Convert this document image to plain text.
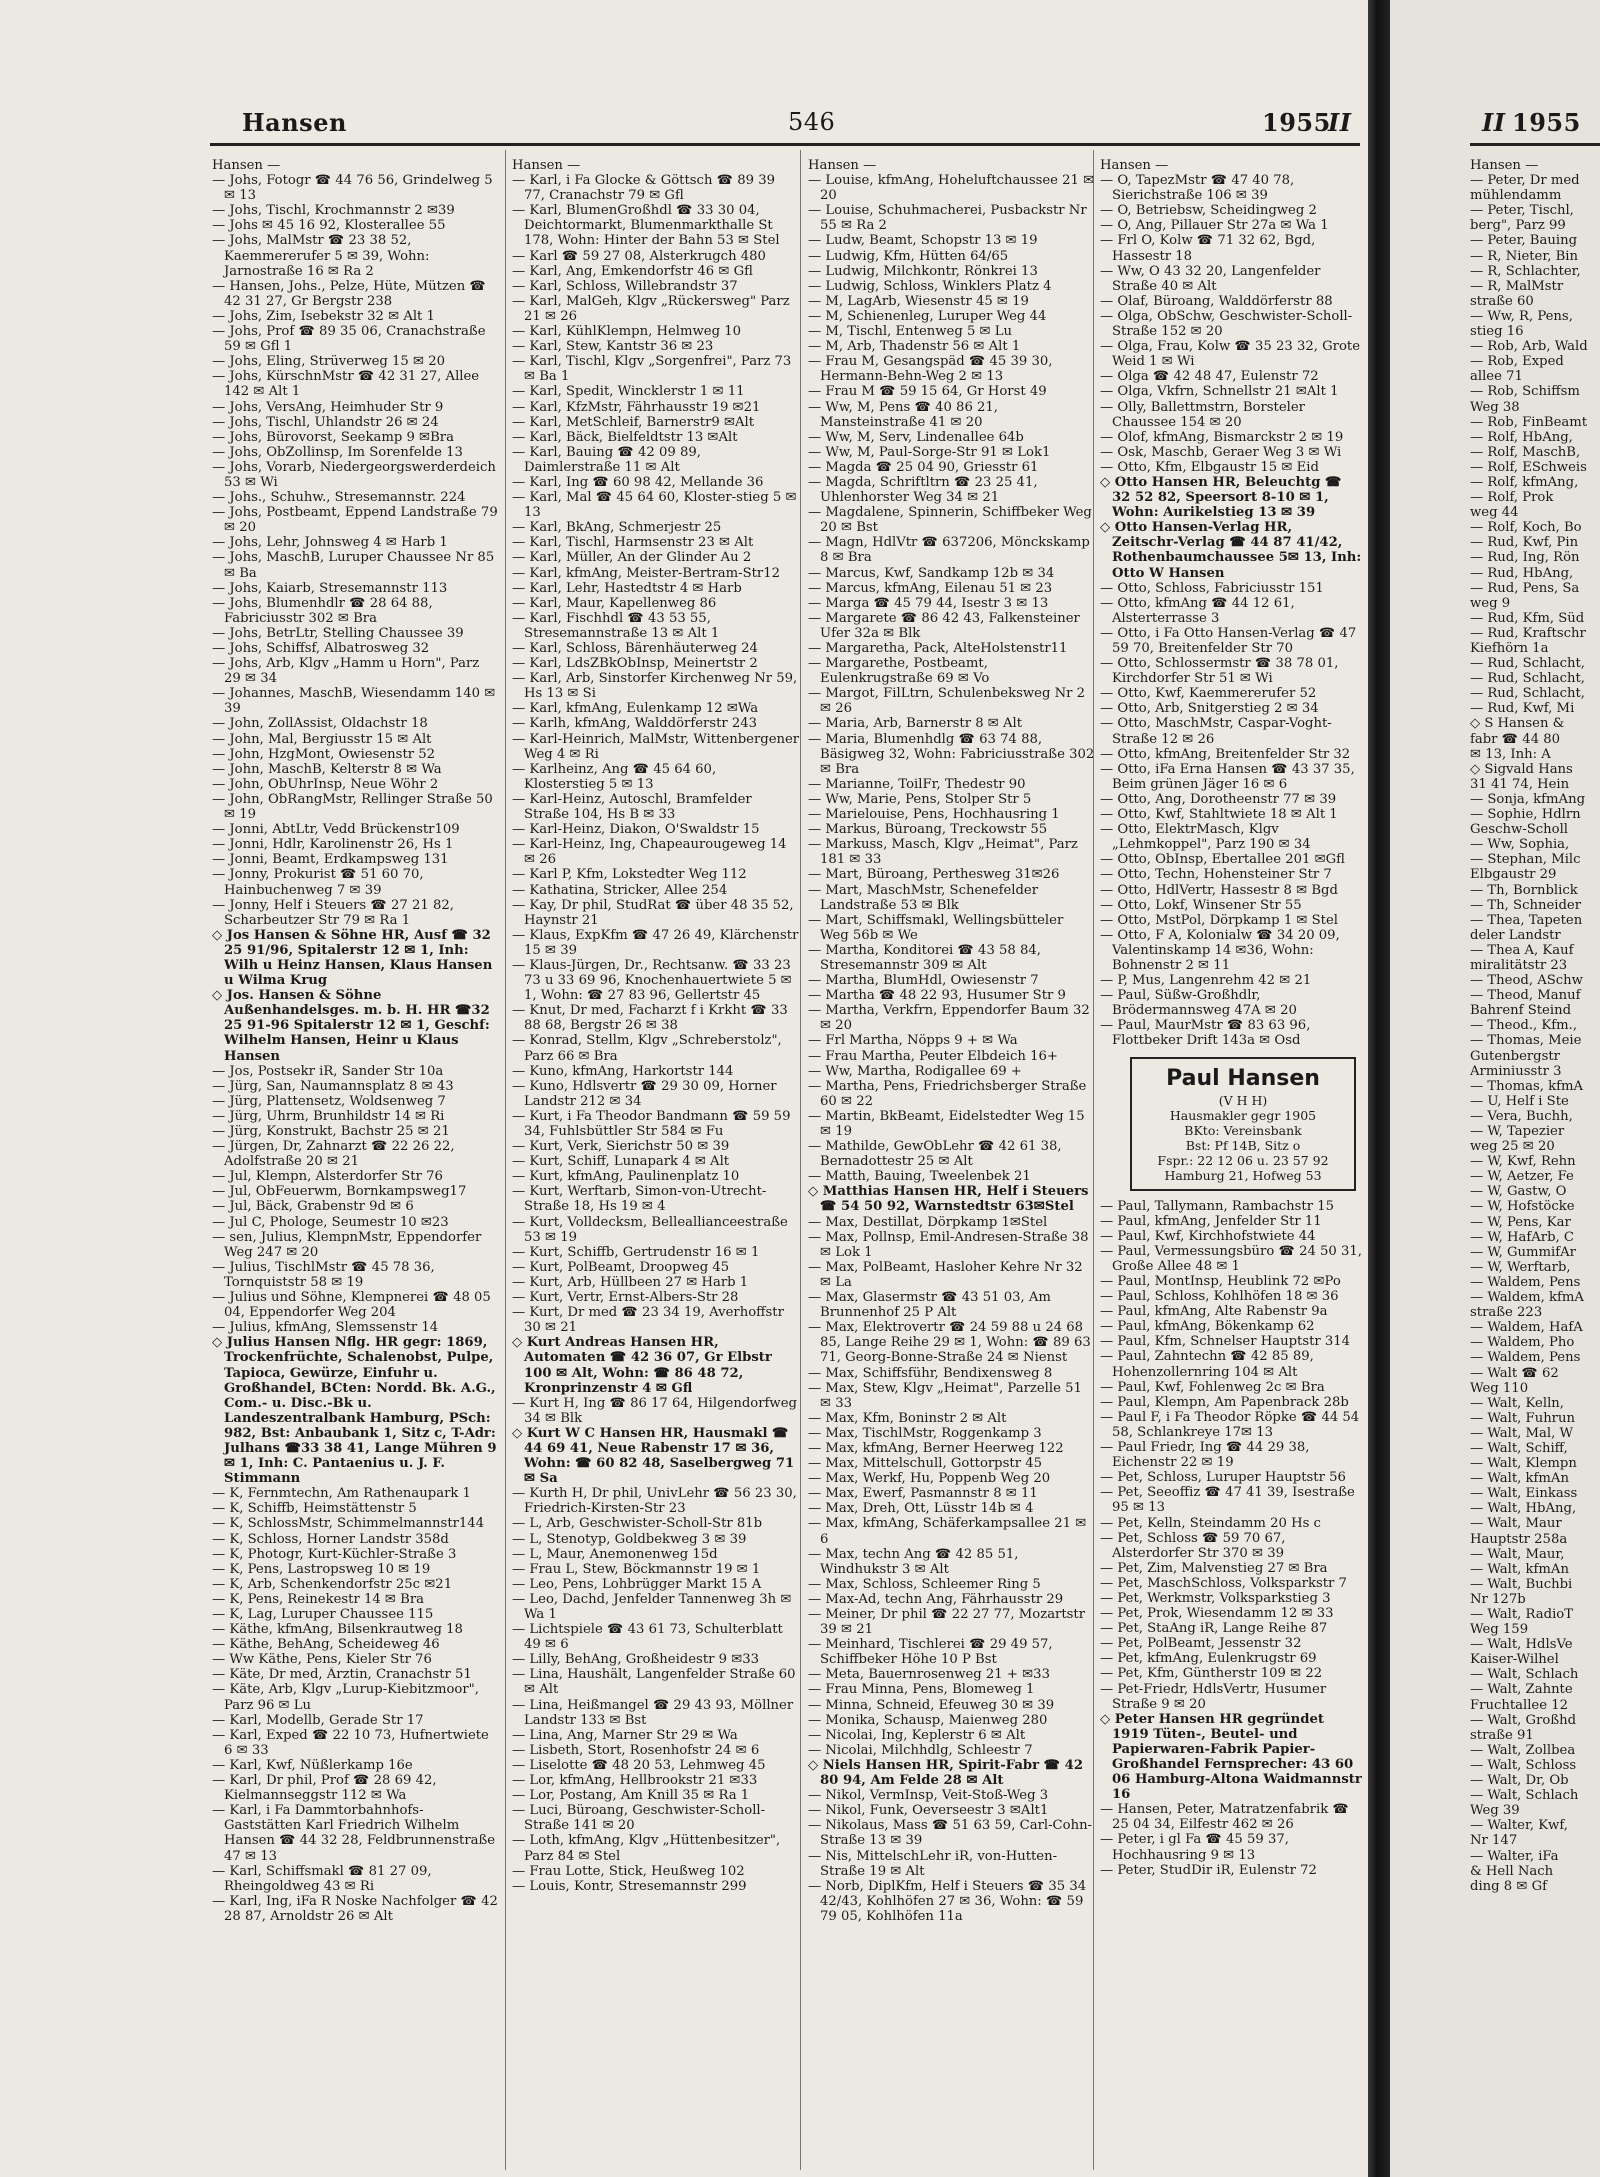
Hansen	546	1955
II
Hansen —
— Johs, Fotogr ☎ 44 76 56, Grindelweg 5 ✉ 13
— Johs, Tischl, Krochmannstr 2 ✉39
— Johs ✉ 45 16 92, Klosterallee 55
— Johs, MalMstr ☎ 23 38 52, Kaemmererufer 5 ✉ 39, Wohn: Jarnostraße 16 ✉ Ra 2
— Hansen, Johs., Pelze, Hüte, Mützen ☎ 42 31 27, Gr Bergstr 238
— Johs, Zim, Isebekstr 32 ✉ Alt 1
— Johs, Prof ☎ 89 35 06, Cranachstraße 59 ✉ Gfl 1
— Johs, Eling, Strüverweg 15 ✉ 20
— Johs, KürschnMstr ☎ 42 31 27, Allee 142 ✉ Alt 1
— Johs, VersAng, Heimhuder Str 9
— Johs, Tischl, Uhlandstr 26 ✉ 24
— Johs, Bürovorst, Seekamp 9 ✉Bra
— Johs, ObZollinsp, Im Sorenfelde 13
— Johs, Vorarb, Niedergeorgswerderdeich 53 ✉ Wi
— Johs., Schuhw., Stresemannstr. 224
— Johs, Postbeamt, Eppend Landstraße 79 ✉ 20
— Johs, Lehr, Johnsweg 4 ✉ Harb 1
— Johs, MaschB, Luruper Chaussee Nr 85 ✉ Ba
— Johs, Kaiarb, Stresemannstr 113
— Johs, Blumenhdlr ☎ 28 64 88, Fabriciusstr 302 ✉ Bra
— Johs, BetrLtr, Stelling Chaussee 39
— Johs, Schiffsf, Albatrosweg 32
— Johs, Arb, Klgv „Hamm u Horn", Parz 29 ✉ 34
— Johannes, MaschB, Wiesendamm 140 ✉ 39
— John, ZollAssist, Oldachstr 18
— John, Mal, Bergiusstr 15 ✉ Alt
— John, HzgMont, Owiesenstr 52
— John, MaschB, Kelterstr 8 ✉ Wa
— John, ObUhrInsp, Neue Wöhr 2
— John, ObRangMstr, Rellinger Straße 50 ✉ 19
— Jonni, AbtLtr, Vedd Brückenstr109
— Jonni, Hdlr, Karolinenstr 26, Hs 1
— Jonni, Beamt, Erdkampsweg 131
— Jonny, Prokurist ☎ 51 60 70, Hainbuchenweg 7 ✉ 39
— Jonny, Helf i Steuers ☎ 27 21 82, Scharbeutzer Str 79 ✉ Ra 1
◇ Jos Hansen & Söhne HR, Ausf ☎ 32 25 91/96, Spitalerstr 12 ✉ 1, Inh: Wilh u Heinz Hansen, Klaus Hansen u Wilma Krug
◇ Jos. Hansen & Söhne Außenhandelsges. m. b. H. HR ☎32 25 91-96 Spitalerstr 12 ✉ 1, Geschf: Wilhelm Hansen, Heinr u Klaus Hansen
— Jos, Postsekr iR, Sander Str 10a
— Jürg, San, Naumannsplatz 8 ✉ 43
— Jürg, Plattensetz, Woldsenweg 7
— Jürg, Uhrm, Brunhildstr 14 ✉ Ri
— Jürg, Konstrukt, Bachstr 25 ✉ 21
— Jürgen, Dr, Zahnarzt ☎ 22 26 22, Adolfstraße 20 ✉ 21
— Jul, Klempn, Alsterdorfer Str 76
— Jul, ObFeuerwm, Bornkampsweg17
— Jul, Bäck, Grabenstr 9d ✉ 6
— Jul C, Phologe, Seumestr 10 ✉23
— sen, Julius, KlempnMstr, Eppendorfer Weg 247 ✉ 20
— Julius, TischlMstr ☎ 45 78 36, Tornquiststr 58 ✉ 19
— Julius und Söhne, Klempnerei ☎ 48 05 04, Eppendorfer Weg 204
— Julius, kfmAng, Slemssenstr 14
◇ Julius Hansen Nflg. HR gegr: 1869, Trockenfrüchte, Schalenobst, Pulpe, Tapioca, Gewürze, Einfuhr u. Großhandel, BCten: Nordd. Bk. A.G., Com.- u. Disc.-Bk u. Landeszentralbank Hamburg, PSch: 982, Bst: Anbaubank 1, Sitz c, T-Adr: Julhans ☎33 38 41, Lange Mühren 9 ✉ 1, Inh: C. Pantaenius u. J. F. Stimmann
— K, Fernmtechn, Am Rathenaupark 1
— K, Schiffb, Heimstättenstr 5
— K, SchlossMstr, Schimmelmannstr144
— K, Schloss, Horner Landstr 358d
— K, Photogr, Kurt-Küchler-Straße 3
— K, Pens, Lastropsweg 10 ✉ 19
— K, Arb, Schenkendorfstr 25c ✉21
— K, Pens, Reinekestr 14 ✉ Bra
— K, Lag, Luruper Chaussee 115
— Käthe, kfmAng, Bilsenkrautweg 18
— Käthe, BehAng, Scheideweg 46
— Ww Käthe, Pens, Kieler Str 76
— Käte, Dr med, Ärztin, Cranachstr 51
— Käte, Arb, Klgv „Lurup-Kiebitzmoor", Parz 96 ✉ Lu
— Karl, Modellb, Gerade Str 17
— Karl, Exped ☎ 22 10 73, Hufnertwiete 6 ✉ 33
— Karl, Kwf, Nüßlerkamp 16e
— Karl, Dr phil, Prof ☎ 28 69 42, Kielmannseggstr 112 ✉ Wa
— Karl, i Fa Dammtorbahnhofs-Gaststätten Karl Friedrich Wilhelm Hansen ☎ 44 32 28, Feldbrunnenstraße 47 ✉ 13
— Karl, Schiffsmakl ☎ 81 27 09, Rheingoldweg 43 ✉ Ri
— Karl, Ing, iFa R Noske Nachfolger ☎ 42 28 87, Arnoldstr 26 ✉ Alt
Hansen —
— Karl, i Fa Glocke & Göttsch ☎ 89 39 77, Cranachstr 79 ✉ Gfl
— Karl, BlumenGroßhdl ☎ 33 30 04, Deichtormarkt, Blumenmarkthalle St 178, Wohn: Hinter der Bahn 53 ✉ Stel
— Karl ☎ 59 27 08, Alsterkrugch 480
— Karl, Ang, Emkendorfstr 46 ✉ Gfl
— Karl, Schloss, Willebrandstr 37
— Karl, MalGeh, Klgv „Rückersweg" Parz 21 ✉ 26
— Karl, KühlKlempn, Helmweg 10
— Karl, Stew, Kantstr 36 ✉ 23
— Karl, Tischl, Klgv „Sorgenfrei", Parz 73 ✉ Ba 1
— Karl, Spedit, Wincklerstr 1 ✉ 11
— Karl, KfzMstr, Fährhausstr 19 ✉21
— Karl, MetSchleif, Barnerstr9 ✉Alt
— Karl, Bäck, Bielfeldtstr 13 ✉Alt
— Karl, Bauing ☎ 42 09 89, Daimlerstraße 11 ✉ Alt
— Karl, Ing ☎ 60 98 42, Mellande 36
— Karl, Mal ☎ 45 64 60, Kloster-stieg 5 ✉ 13
— Karl, BkAng, Schmerjestr 25
— Karl, Tischl, Harmsenstr 23 ✉ Alt
— Karl, Müller, An der Glinder Au 2
— Karl, kfmAng, Meister-Bertram-Str12
— Karl, Lehr, Hastedtstr 4 ✉ Harb
— Karl, Maur, Kapellenweg 86
— Karl, Fischhdl ☎ 43 53 55, Stresemannstraße 13 ✉ Alt 1
— Karl, Schloss, Bärenhäuterweg 24
— Karl, LdsZBkObInsp, Meinertstr 2
— Karl, Arb, Sinstorfer Kirchenweg Nr 59, Hs 13 ✉ Si
— Karl, kfmAng, Eulenkamp 12 ✉Wa
— Karlh, kfmAng, Walddörferstr 243
— Karl-Heinrich, MalMstr, Wittenbergener Weg 4 ✉ Ri
— Karlheinz, Ang ☎ 45 64 60, Klosterstieg 5 ✉ 13
— Karl-Heinz, Autoschl, Bramfelder Straße 104, Hs B ✉ 33
— Karl-Heinz, Diakon, O'Swaldstr 15
— Karl-Heinz, Ing, Chapeaurougeweg 14 ✉ 26
— Karl P, Kfm, Lokstedter Weg 112
— Kathatina, Stricker, Allee 254
— Kay, Dr phil, StudRat ☎ über 48 35 52, Haynstr 21
— Klaus, ExpKfm ☎ 47 26 49, Klärchenstr 15 ✉ 39
— Klaus-Jürgen, Dr., Rechtsanw. ☎ 33 23 73 u 33 69 96, Knochenhauertwiete 5 ✉ 1, Wohn: ☎ 27 83 96, Gellertstr 45
— Knut, Dr med, Facharzt f i Krkht ☎ 33 88 68, Bergstr 26 ✉ 38
— Konrad, Stellm, Klgv „Schreberstolz", Parz 66 ✉ Bra
— Kuno, kfmAng, Harkortstr 144
— Kuno, Hdlsvertr ☎ 29 30 09, Horner Landstr 212 ✉ 34
— Kurt, i Fa Theodor Bandmann ☎ 59 59 34, Fuhlsbüttler Str 584 ✉ Fu
— Kurt, Verk, Sierichstr 50 ✉ 39
— Kurt, Schiff, Lunapark 4 ✉ Alt
— Kurt, kfmAng, Paulinenplatz 10
— Kurt, Werftarb, Simon-von-Utrecht-Straße 18, Hs 19 ✉ 4
— Kurt, Volldecksm, Belleallianceestraße 53 ✉ 19
— Kurt, Schiffb, Gertrudenstr 16 ✉ 1
— Kurt, PolBeamt, Droopweg 45
— Kurt, Arb, Hüllbeen 27 ✉ Harb 1
— Kurt, Vertr, Ernst-Albers-Str 28
— Kurt, Dr med ☎ 23 34 19, Averhoffstr 30 ✉ 21
◇ Kurt Andreas Hansen HR, Automaten ☎ 42 36 07, Gr Elbstr 100 ✉ Alt, Wohn: ☎ 86 48 72, Kronprinzenstr 4 ✉ Gfl
— Kurt H, Ing ☎ 86 17 64, Hilgendorfweg 34 ✉ Blk
◇ Kurt W C Hansen HR, Hausmakl ☎ 44 69 41, Neue Rabenstr 17 ✉ 36, Wohn: ☎ 60 82 48, Saselbergweg 71 ✉ Sa
— Kurth H, Dr phil, UnivLehr ☎ 56 23 30, Friedrich-Kirsten-Str 23
— L, Arb, Geschwister-Scholl-Str 81b
— L, Stenotyp, Goldbekweg 3 ✉ 39
— L, Maur, Anemonenweg 15d
— Frau L, Stew, Böckmannstr 19 ✉ 1
— Leo, Pens, Lohbrügger Markt 15 A
— Leo, Dachd, Jenfelder Tannenweg 3h ✉ Wa 1
— Lichtspiele ☎ 43 61 73, Schulterblatt 49 ✉ 6
— Lilly, BehAng, Großheidestr 9 ✉33
— Lina, Haushält, Langenfelder Straße 60 ✉ Alt
— Lina, Heißmangel ☎ 29 43 93, Möllner Landstr 133 ✉ Bst
— Lina, Ang, Marner Str 29 ✉ Wa
— Lisbeth, Stort, Rosenhofstr 24 ✉ 6
— Liselotte ☎ 48 20 53, Lehmweg 45
— Lor, kfmAng, Hellbrookstr 21 ✉33
— Lor, Postang, Am Knill 35 ✉ Ra 1
— Luci, Büroang, Geschwister-Scholl-Straße 141 ✉ 20
— Loth, kfmAng, Klgv „Hüttenbesitzer", Parz 84 ✉ Stel
— Frau Lotte, Stick, Heußweg 102
— Louis, Kontr, Stresemannstr 299
Hansen —
— Louise, kfmAng, Hoheluftchaussee 21 ✉ 20
— Louise, Schuhmacherei, Pusbackstr Nr 55 ✉ Ra 2
— Ludw, Beamt, Schopstr 13 ✉ 19
— Ludwig, Kfm, Hütten 64/65
— Ludwig, Milchkontr, Rönkrei 13
— Ludwig, Schloss, Winklers Platz 4
— M, LagArb, Wiesenstr 45 ✉ 19
— M, Schienenleg, Luruper Weg 44
— M, Tischl, Entenweg 5 ✉ Lu
— M, Arb, Thadenstr 56 ✉ Alt 1
— Frau M, Gesangspäd ☎ 45 39 30, Hermann-Behn-Weg 2 ✉ 13
— Frau M ☎ 59 15 64, Gr Horst 49
— Ww, M, Pens ☎ 40 86 21, Mansteinstraße 41 ✉ 20
— Ww, M, Serv, Lindenallee 64b
— Ww, M, Paul-Sorge-Str 91 ✉ Lok1
— Magda ☎ 25 04 90, Griesstr 61
— Magda, Schriftltrn ☎ 23 25 41, Uhlenhorster Weg 34 ✉ 21
— Magdalene, Spinnerin, Schiffbeker Weg 20 ✉ Bst
— Magn, HdlVtr ☎ 637206, Mönckskamp 8 ✉ Bra
— Marcus, Kwf, Sandkamp 12b ✉ 34
— Marcus, kfmAng, Eilenau 51 ✉ 23
— Marga ☎ 45 79 44, Isestr 3 ✉ 13
— Margarete ☎ 86 42 43, Falkensteiner Ufer 32a ✉ Blk
— Margaretha, Pack, AlteHolstenstr11
— Margarethe, Postbeamt, Eulenkrugstraße 69 ✉ Vo
— Margot, FilLtrn, Schulenbeksweg Nr 2 ✉ 26
— Maria, Arb, Barnerstr 8 ✉ Alt
— Maria, Blumenhdlg ☎ 63 74 88, Bäsigweg 32, Wohn: Fabriciusstraße 302 ✉ Bra
— Marianne, ToilFr, Thedestr 90
— Ww, Marie, Pens, Stolper Str 5
— Marielouise, Pens, Hochhausring 1
— Markus, Büroang, Treckowstr 55
— Markuss, Masch, Klgv „Heimat", Parz 181 ✉ 33
— Mart, Büroang, Perthesweg 31✉26
— Mart, MaschMstr, Schenefelder Landstraße 53 ✉ Blk
— Mart, Schiffsmakl, Wellingsbütteler Weg 56b ✉ We
— Martha, Konditorei ☎ 43 58 84, Stresemannstr 309 ✉ Alt
— Martha, BlumHdl, Owiesenstr 7
— Martha ☎ 48 22 93, Husumer Str 9
— Martha, Verkfrn, Eppendorfer Baum 32 ✉ 20
— Frl Martha, Nöpps 9 + ✉ Wa
— Frau Martha, Peuter Elbdeich 16+
— Ww, Martha, Rodigallee 69 +
— Martha, Pens, Friedrichsberger Straße 60 ✉ 22
— Martin, BkBeamt, Eidelstedter Weg 15 ✉ 19
— Mathilde, GewObLehr ☎ 42 61 38, Bernadottestr 25 ✉ Alt
— Matth, Bauing, Tweelenbek 21
◇ Matthias Hansen HR, Helf i Steuers ☎ 54 50 92, Warnstedtstr 63✉Stel
— Max, Destillat, Dörpkamp 1✉Stel
— Max, Pollnsp, Emil-Andresen-Straße 38 ✉ Lok 1
— Max, PolBeamt, Hasloher Kehre Nr 32 ✉ La
— Max, Glasermstr ☎ 43 51 03, Am Brunnenhof 25 P Alt
— Max, Elektrovertr ☎ 24 59 88 u 24 68 85, Lange Reihe 29 ✉ 1, Wohn: ☎ 89 63 71, Georg-Bonne-Straße 24 ✉ Nienst
— Max, Schiffsführ, Bendixensweg 8
— Max, Stew, Klgv „Heimat", Parzelle 51 ✉ 33
— Max, Kfm, Boninstr 2 ✉ Alt
— Max, TischlMstr, Roggenkamp 3
— Max, kfmAng, Berner Heerweg 122
— Max, Mittelschull, Gottorpstr 45
— Max, Werkf, Hu, Poppenb Weg 20
— Max, Ewerf, Pasmannstr 8 ✉ 11
— Max, Dreh, Ott, Lüsstr 14b ✉ 4
— Max, kfmAng, Schäferkampsallee 21 ✉ 6
— Max, techn Ang ☎ 42 85 51, Windhukstr 3 ✉ Alt
— Max, Schloss, Schleemer Ring 5
— Max-Ad, techn Ang, Fährhausstr 29
— Meiner, Dr phil ☎ 22 27 77, Mozartstr 39 ✉ 21
— Meinhard, Tischlerei ☎ 29 49 57, Schiffbeker Höhe 10 P Bst
— Meta, Bauernrosenweg 21 + ✉33
— Frau Minna, Pens, Blomeweg 1
— Minna, Schneid, Efeuweg 30 ✉ 39
— Monika, Schausp, Maienweg 280
— Nicolai, Ing, Keplerstr 6 ✉ Alt
— Nicolai, Milchhdlg, Schleestr 7
◇ Niels Hansen HR, Spirit-Fabr ☎ 42 80 94, Am Felde 28 ✉ Alt
— Nikol, VermInsp, Veit-Stoß-Weg 3
— Nikol, Funk, Oeverseestr 3 ✉Alt1
— Nikolaus, Mass ☎ 51 63 59, Carl-Cohn-Straße 13 ✉ 39
— Nis, MittelschLehr iR, von-Hutten-Straße 19 ✉ Alt
— Norb, DiplKfm, Helf i Steuers ☎ 35 34 42/43, Kohlhöfen 27 ✉ 36, Wohn: ☎ 59 79 05, Kohlhöfen 11a
Hansen —
— O, TapezMstr ☎ 47 40 78, Sierichstraße 106 ✉ 39
— O, Betriebsw, Scheidingweg 2
— O, Ang, Pillauer Str 27a ✉ Wa 1
— Frl O, Kolw ☎ 71 32 62, Bgd, Hassestr 18
— Ww, O 43 32 20, Langenfelder Straße 40 ✉ Alt
— Olaf, Büroang, Walddörferstr 88
— Olga, ObSchw, Geschwister-Scholl-Straße 152 ✉ 20
— Olga, Frau, Kolw ☎ 35 23 32, Grote Weid 1 ✉ Wi
— Olga ☎ 42 48 47, Eulenstr 72
— Olga, Vkfrn, Schnellstr 21 ✉Alt 1
— Olly, Ballettmstrn, Borsteler Chaussee 154 ✉ 20
— Olof, kfmAng, Bismarckstr 2 ✉ 19
— Osk, Maschb, Geraer Weg 3 ✉ Wi
— Otto, Kfm, Elbgaustr 15 ✉ Eid
◇ Otto Hansen HR, Beleuchtg ☎ 32 52 82, Speersort 8-10 ✉ 1, Wohn: Aurikelstieg 13 ✉ 39
◇ Otto Hansen-Verlag HR, Zeitschr-Verlag ☎ 44 87 41/42, Rothenbaumchaussee 5✉ 13, Inh: Otto W Hansen
— Otto, Schloss, Fabriciusstr 151
— Otto, kfmAng ☎ 44 12 61, Alsterterrasse 3
— Otto, i Fa Otto Hansen-Verlag ☎ 47 59 70, Breitenfelder Str 70
— Otto, Schlossermstr ☎ 38 78 01, Kirchdorfer Str 51 ✉ Wi
— Otto, Kwf, Kaemmererufer 52
— Otto, Arb, Snitgerstieg 2 ✉ 34
— Otto, MaschMstr, Caspar-Voght-Straße 12 ✉ 26
— Otto, kfmAng, Breitenfelder Str 32
— Otto, iFa Erna Hansen ☎ 43 37 35, Beim grünen Jäger 16 ✉ 6
— Otto, Ang, Dorotheenstr 77 ✉ 39
— Otto, Kwf, Stahltwiete 18 ✉ Alt 1
— Otto, ElektrMasch, Klgv „Lehmkoppel", Parz 190 ✉ 34
— Otto, ObInsp, Ebertallee 201 ✉Gfl
— Otto, Techn, Hohensteiner Str 7
— Otto, HdlVertr, Hassestr 8 ✉ Bgd
— Otto, Lokf, Winsener Str 55
— Otto, MstPol, Dörpkamp 1 ✉ Stel
— Otto, F A, Kolonialw ☎ 34 20 09, Valentinskamp 14 ✉36, Wohn: Bohnenstr 2 ✉ 11
— P, Mus, Langenrehm 42 ✉ 21
— Paul, Süßw-Großhdlr, Brödermannsweg 47A ✉ 20
— Paul, MaurMstr ☎ 83 63 96, Flottbeker Drift 143a ✉ Osd
Paul Hansen
(V H H)
Hausmakler gegr 1905
BKto: Vereinsbank
Bst: Pf 14B, Sitz o
Fspr.: 22 12 06 u. 23 57 92
Hamburg 21, Hofweg 53
— Paul, Tallymann, Rambachstr 15
— Paul, kfmAng, Jenfelder Str 11
— Paul, Kwf, Kirchhofstwiete 44
— Paul, Vermessungsbüro ☎ 24 50 31, Große Allee 48 ✉ 1
— Paul, MontInsp, Heublink 72 ✉Po
— Paul, Schloss, Kohlhöfen 18 ✉ 36
— Paul, kfmAng, Alte Rabenstr 9a
— Paul, kfmAng, Bökenkamp 62
— Paul, Kfm, Schnelser Hauptstr 314
— Paul, Zahntechn ☎ 42 85 89, Hohenzollernring 104 ✉ Alt
— Paul, Kwf, Fohlenweg 2c ✉ Bra
— Paul, Klempn, Am Papenbrack 28b
— Paul F, i Fa Theodor Röpke ☎ 44 54 58, Schlankreye 17✉ 13
— Paul Friedr, Ing ☎ 44 29 38, Eichenstr 22 ✉ 19
— Pet, Schloss, Luruper Hauptstr 56
— Pet, Seeoffiz ☎ 47 41 39, Isestraße 95 ✉ 13
— Pet, Kelln, Steindamm 20 Hs c
— Pet, Schloss ☎ 59 70 67, Alsterdorfer Str 370 ✉ 39
— Pet, Zim, Malvenstieg 27 ✉ Bra
— Pet, MaschSchloss, Volksparkstr 7
— Pet, Werkmstr, Volksparkstieg 3
— Pet, Prok, Wiesendamm 12 ✉ 33
— Pet, StaAng iR, Lange Reihe 87
— Pet, PolBeamt, Jessenstr 32
— Pet, kfmAng, Eulenkrugstr 69
— Pet, Kfm, Güntherstr 109 ✉ 22
— Pet-Friedr, HdlsVertr, Husumer Straße 9 ✉ 20
◇ Peter Hansen HR gegründet 1919 Tüten-, Beutel- und Papierwaren-Fabrik Papier-Großhandel Fernsprecher: 43 60 06 Hamburg-Altona Waidmannstr 16
— Hansen, Peter, Matratzenfabrik ☎ 25 04 34, Eilfestr 462 ✉ 26
— Peter, i gl Fa ☎ 45 59 37, Hochhausring 9 ✉ 13
— Peter, StudDir iR, Eulenstr 72
II 1955
Hansen —
— Peter, Dr med
mühlendamm
— Peter, Tischl,
berg", Parz 99
— Peter, Bauing
— R, Nieter, Bin
— R, Schlachter,
— R, MalMstr
straße 60
— Ww, R, Pens,
stieg 16
— Rob, Arb, Wald
— Rob, Exped
allee 71
— Rob, Schiffsm
Weg 38
— Rob, FinBeamt
— Rolf, HbAng,
— Rolf, MaschB,
— Rolf, ESchweis
— Rolf, kfmAng,
— Rolf, Prok
weg 44
— Rolf, Koch, Bo
— Rud, Kwf, Pin
— Rud, Ing, Rön
— Rud, HbAng,
— Rud, Pens, Sa
weg 9
— Rud, Kfm, Süd
— Rud, Kraftschr
Kiefhörn 1a
— Rud, Schlacht,
— Rud, Schlacht,
— Rud, Schlacht,
— Rud, Kwf, Mi
◇ S Hansen &
fabr ☎ 44 80
✉ 13, Inh: A
◇ Sigvald Hans
31 41 74, Hein
— Sonja, kfmAng
— Sophie, Hdlrn
Geschw-Scholl
— Ww, Sophia,
— Stephan, Milc
Elbgaustr 29
— Th, Bornblick
— Th, Schneider
— Thea, Tapeten
deler Landstr
— Thea A, Kauf
miralitätstr 23
— Theod, ASchw
— Theod, Manuf
Bahrenf Steind
— Theod., Kfm.,
— Thomas, Meie
Gutenbergstr
Arminiusstr 3
— Thomas, kfmA
— U, Helf i Ste
— Vera, Buchh,
— W, Tapezier
weg 25 ✉ 20
— W, Kwf, Rehn
— W, Aetzer, Fe
— W, Gastw, O
— W, Hofstöcke
— W, Pens, Kar
— W, HafArb, C
— W, GummifAr
— W, Werftarb,
— Waldem, Pens
— Waldem, kfmA
straße 223
— Waldem, HafA
— Waldem, Pho
— Waldem, Pens
— Walt ☎ 62
Weg 110
— Walt, Kelln,
— Walt, Fuhrun
— Walt, Mal, W
— Walt, Schiff,
— Walt, Klempn
— Walt, kfmAn
— Walt, Einkass
— Walt, HbAng,
— Walt, Maur
Hauptstr 258a
— Walt, Maur,
— Walt, kfmAn
— Walt, Buchbi
Nr 127b
— Walt, RadioT
Weg 159
— Walt, HdlsVe
Kaiser-Wilhel
— Walt, Schlach
— Walt, Zahnte
Fruchtallee 12
— Walt, Großhd
straße 91
— Walt, Zollbea
— Walt, Schloss
— Walt, Dr, Ob
— Walt, Schlach
Weg 39
— Walter, Kwf,
Nr 147
— Walter, iFa
& Hell Nach
ding 8 ✉ Gf
